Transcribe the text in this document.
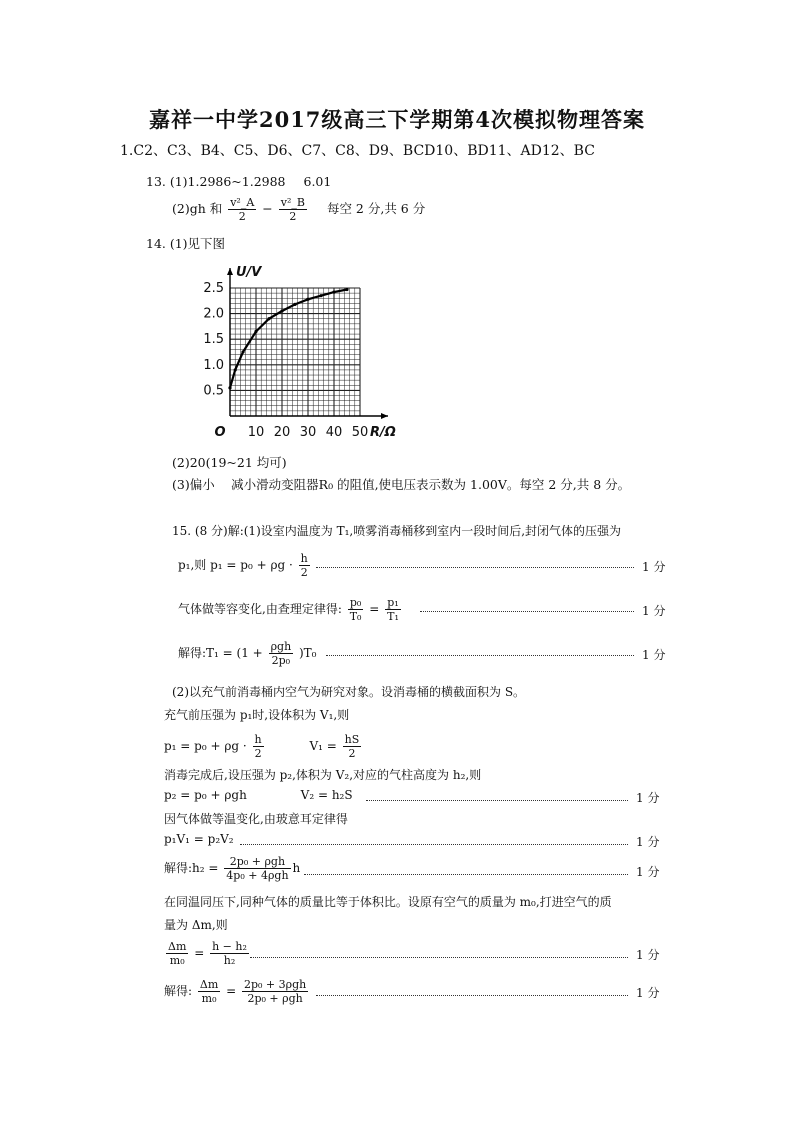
嘉祥一中学2017级高三下学期第4次模拟物理答案
1.C2、C3、B4、C5、D6、C7、C8、D9、BCD10、BD11、AD12、BC
13. (1)1.2986~1.2988 6.01
(2)gh 和 $\frac{\text{v²\_A}}{2} - \frac{\text{v²\_B}}{2}$ 每空 2 分,共 6 分
14. (1)见下图
10 20 30 40 50
0.5
1.0
1.5
2.0
2.5
O	R/Ω
U/V
(2)20(19~21 均可)
(3)偏小　 减小滑动变阻器R₀ 的阻值,使电压表示数为 1.00V。每空 2 分,共 8 分。
15. (8 分)解:(1)设室内温度为 T₁,喷雾消毒桶移到室内一段时间后,封闭气体的压强为
p₁,则 $p_1 = p_0 + \rho g \cdot \frac{h}{2}$	1 分
气体做等容变化,由查理定律得: $\frac{\text{p₀}}{\text{T₀}} = \frac{\text{p₁}}{\text{T₁}}$	1 分
解得:T₁ = $(1 + \frac{\text{ρgh}}{\text{2p₀}} )T_0$	1 分
(2)以充气前消毒桶内空气为研究对象。设消毒桶的横截面积为 S。
充气前压强为 p₁时,设体积为 V₁,则
$p_1 = p_0 + \rho g \cdot \frac{h}{2}$	$V_1 = \frac{hS}{2}$
消毒完成后,设压强为 p₂,体积为 V₂,对应的气柱高度为 h₂,则
p₂ = p₀ + ρgh	V₂ = h₂S	1 分
因气体做等温变化,由玻意耳定律得
p₁V₁ = p₂V₂	1 分
解得:h₂ = $\frac{\text{2p₀ + ρgh}}{\text{4p₀ + 4ρgh}}$ h	1 分
在同温同压下,同种气体的质量比等于体积比。设原有空气的质量为 m₀,打进空气的质
量为 Δm,则
$\frac{\Delta m}{\text{m₀}} = \frac{\text{h − h₂}}{\text{h₂}}$	1 分
解得: $\frac{\Delta m}{\text{m₀}} = \frac{\text{2p₀ + 3ρgh}}{\text{2p₀ + ρgh}}$	1 分
